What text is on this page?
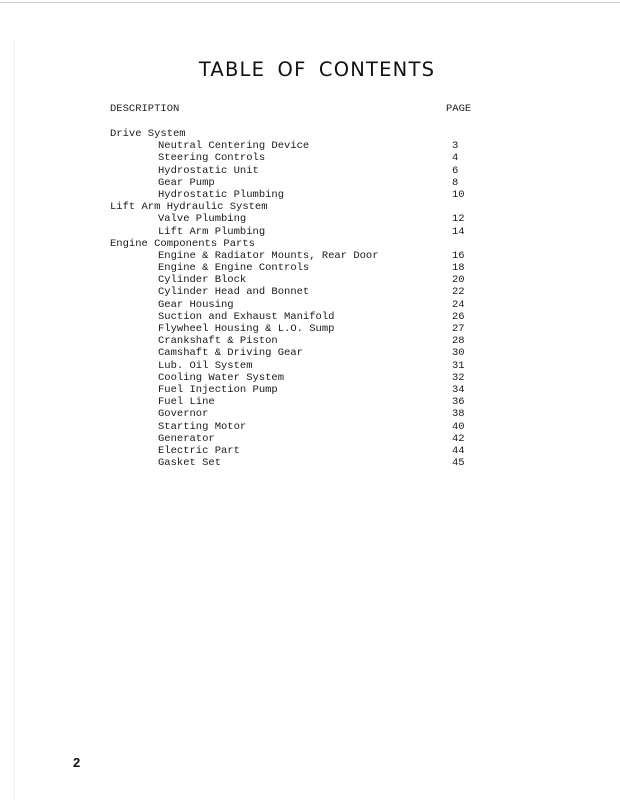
TABLE OF CONTENTS
DESCRIPTION	PAGE
Drive System
Neutral Centering Device	3
Steering Controls	4
Hydrostatic Unit	6
Gear Pump	8
Hydrostatic Plumbing	10
Lift Arm Hydraulic System
Valve Plumbing	12
Lift Arm Plumbing	14
Engine Components Parts
Engine & Radiator Mounts, Rear Door	16
Engine & Engine Controls	18
Cylinder Block	20
Cylinder Head and Bonnet	22
Gear Housing	24
Suction and Exhaust Manifold	26
Flywheel Housing & L.O. Sump	27
Crankshaft & Piston	28
Camshaft & Driving Gear	30
Lub. Oil System	31
Cooling Water System	32
Fuel Injection Pump	34
Fuel Line	36
Governor	38
Starting Motor	40
Generator	42
Electric Part	44
Gasket Set	45
2
